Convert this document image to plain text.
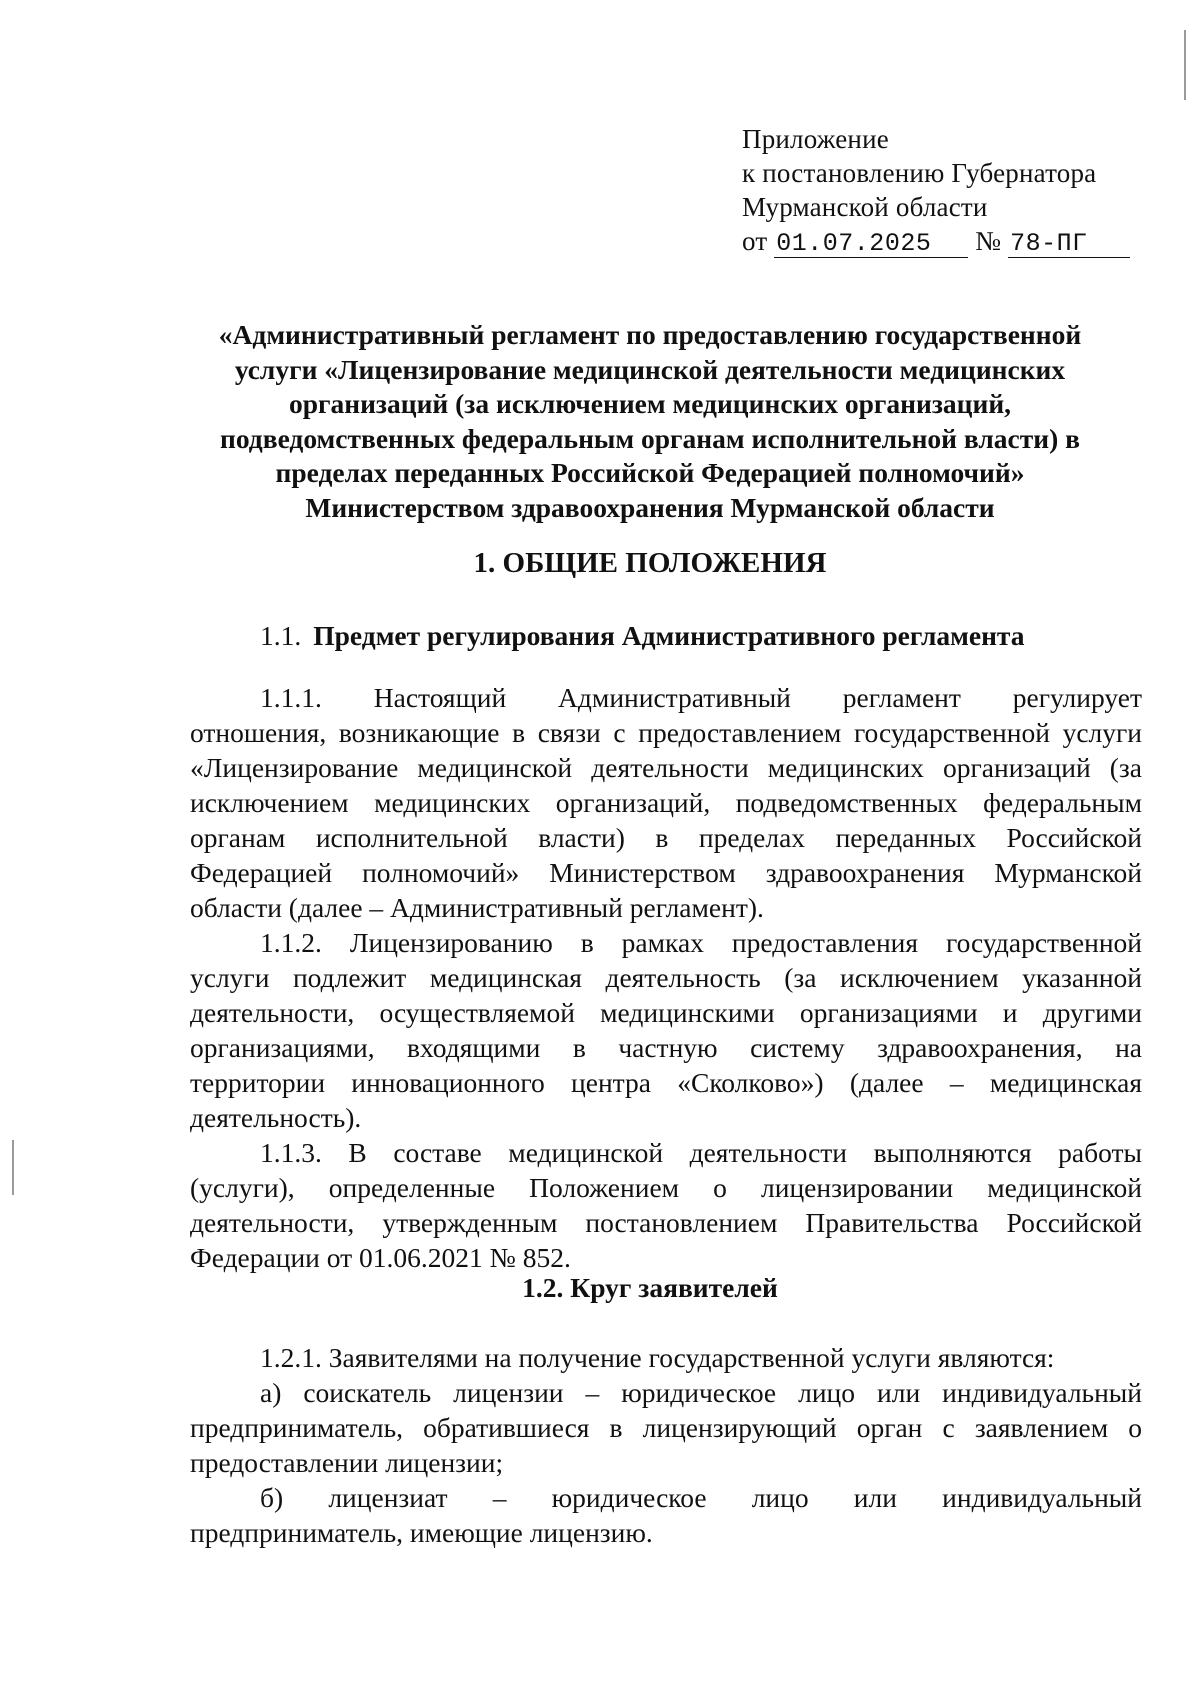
Приложение
к постановлению Губернатора
Мурманской области
от 01.07.2025 № 78-ПГ
«Административный регламент по предоставлению государственной
услуги «Лицензирование медицинской деятельности медицинских
организаций (за исключением медицинских организаций,
подведомственных федеральным органам исполнительной власти) в
пределах переданных Российской Федерацией полномочий»
Министерством здравоохранения Мурманской области
1. ОБЩИЕ ПОЛОЖЕНИЯ
1.1. Предмет регулирования Административного регламента
1.1.1. Настоящий Административный регламент регулирует
отношения, возникающие в связи с предоставлением государственной услуги
«Лицензирование медицинской деятельности медицинских организаций (за
исключением медицинских организаций, подведомственных федеральным
органам исполнительной власти) в пределах переданных Российской
Федерацией полномочий» Министерством здравоохранения Мурманской
области (далее – Административный регламент).
1.1.2. Лицензированию в рамках предоставления государственной
услуги подлежит медицинская деятельность (за исключением указанной
деятельности, осуществляемой медицинскими организациями и другими
организациями, входящими в частную систему здравоохранения, на
территории инновационного центра «Сколково») (далее – медицинская
деятельность).
1.1.3. В составе медицинской деятельности выполняются работы
(услуги), определенные Положением о лицензировании медицинской
деятельности, утвержденным постановлением Правительства Российской
Федерации от 01.06.2021 № 852.
1.2. Круг заявителей
1.2.1. Заявителями на получение государственной услуги являются:
а) соискатель лицензии – юридическое лицо или индивидуальный
предприниматель, обратившиеся в лицензирующий орган с заявлением о
предоставлении лицензии;
б) лицензиат – юридическое лицо или индивидуальный
предприниматель, имеющие лицензию.
